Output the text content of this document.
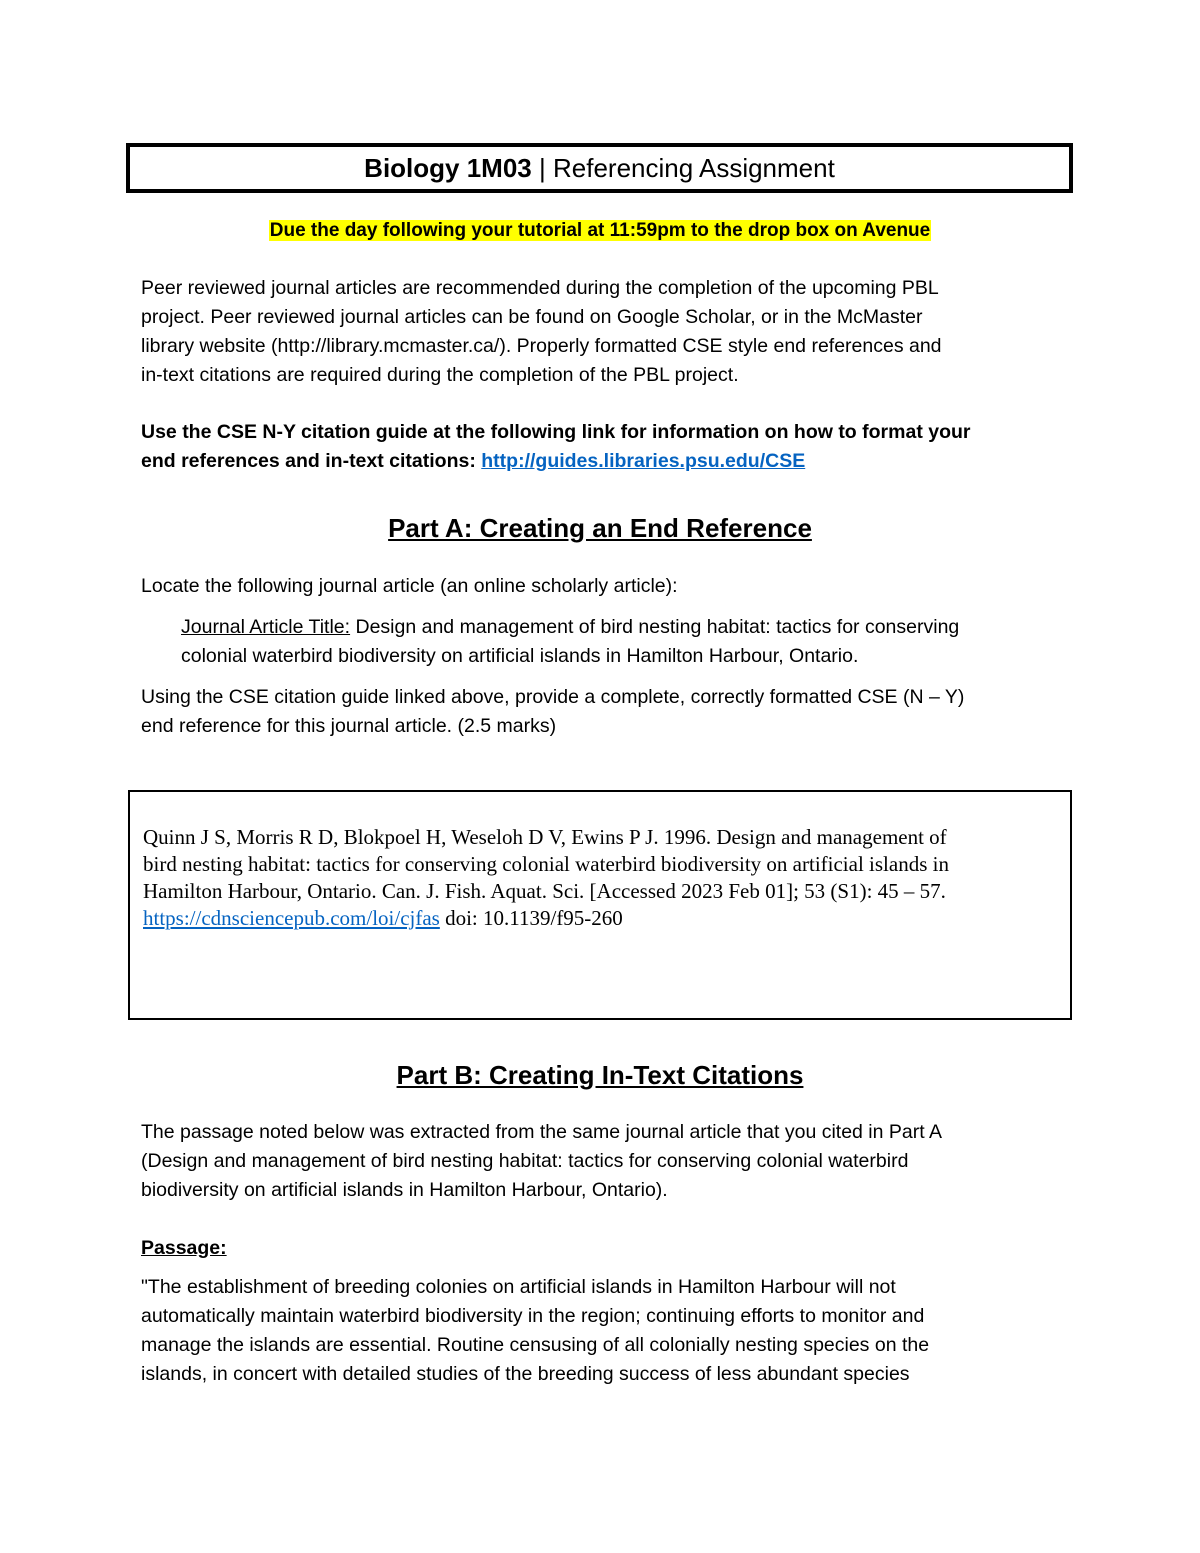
Biology 1M03
|
Referencing Assignment
Due the day following your tutorial at 11:59pm to the drop box on Avenue
Peer reviewed journal articles are recommended during the completion of the upcoming PBL
project. Peer reviewed journal articles can be found on Google Scholar, or in the McMaster
library website (http://library.mcmaster.ca/). Properly formatted CSE style end references and
in-text citations are required during the completion of the PBL project.
Use the CSE N-Y citation guide at the following link for information on how to format your
end references and in-text citations: http://guides.libraries.psu.edu/CSE
Part A: Creating an End Reference
Locate the following journal article (an online scholarly article):
Journal Article Title: Design and management of bird nesting habitat: tactics for conserving
colonial waterbird biodiversity on artificial islands in Hamilton Harbour, Ontario.
Using the CSE citation guide linked above, provide a complete, correctly formatted CSE (N – Y)
end reference for this journal article. (2.5 marks)
Quinn J S, Morris R D, Blokpoel H, Weseloh D V, Ewins P J. 1996. Design and management of
bird nesting habitat: tactics for conserving colonial waterbird biodiversity on artificial islands in
Hamilton Harbour, Ontario. Can. J. Fish. Aquat. Sci. [Accessed 2023 Feb 01]; 53 (S1): 45 – 57.
https://cdnsciencepub.com/loi/cjfas doi: 10.1139/f95-260
Part B: Creating In-Text Citations
The passage noted below was extracted from the same journal article that you cited in Part A
(Design and management of bird nesting habitat: tactics for conserving colonial waterbird
biodiversity on artificial islands in Hamilton Harbour, Ontario).
Passage:
"The establishment of breeding colonies on artificial islands in Hamilton Harbour will not
automatically maintain waterbird biodiversity in the region; continuing efforts to monitor and
manage the islands are essential. Routine censusing of all colonially nesting species on the
islands, in concert with detailed studies of the breeding success of less abundant species
